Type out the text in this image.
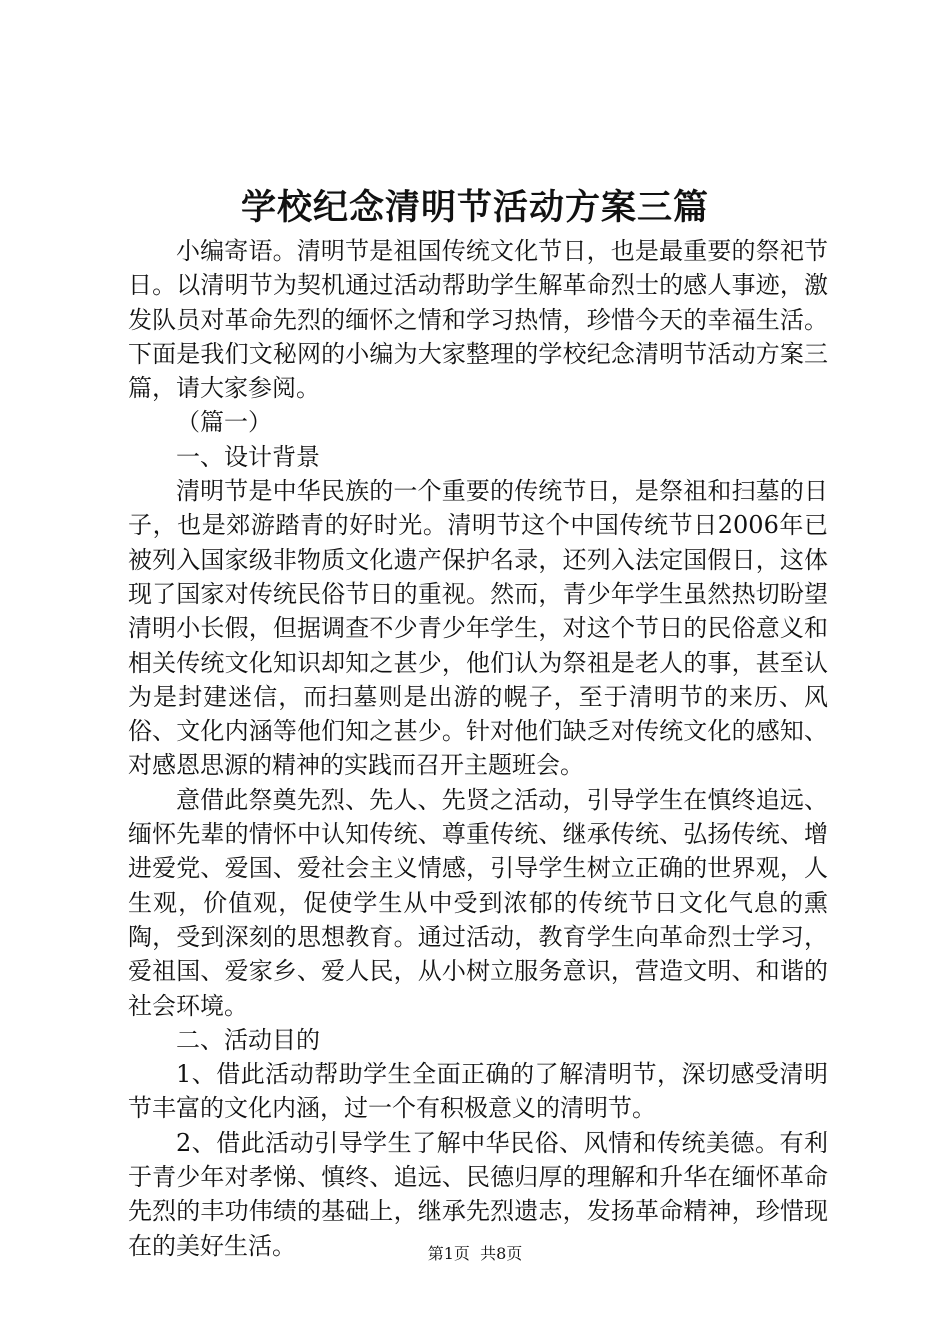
学校纪念清明节活动方案三篇

小编寄语。清明节是祖国传统文化节日，也是最重要的祭祀节日。以清明节为契机通过活动帮助学生解革命烈士的感人事迹，激发队员对革命先烈的缅怀之情和学习热情，珍惜今天的幸福生活。下面是我们文秘网的小编为大家整理的学校纪念清明节活动方案三篇，请大家参阅。

（篇一）

一、设计背景

清明节是中华民族的一个重要的传统节日，是祭祖和扫墓的日子，也是郊游踏青的好时光。清明节这个中国传统节日2006年已被列入国家级非物质文化遗产保护名录，还列入法定国假日，这体现了国家对传统民俗节日的重视。然而，青少年学生虽然热切盼望清明小长假，但据调查不少青少年学生，对这个节日的民俗意义和相关传统文化知识却知之甚少，他们认为祭祖是老人的事，甚至认为是封建迷信，而扫墓则是出游的幌子，至于清明节的来历、风俗、文化内涵等他们知之甚少。针对他们缺乏对传统文化的感知、对感恩思源的精神的实践而召开主题班会。

意借此祭奠先烈、先人、先贤之活动，引导学生在慎终追远、缅怀先辈的情怀中认知传统、尊重传统、继承传统、弘扬传统、增进爱党、爱国、爱社会主义情感，引导学生树立正确的世界观，人生观，价值观，促使学生从中受到浓郁的传统节日文化气息的熏陶，受到深刻的思想教育。通过活动，教育学生向革命烈士学习，爱祖国、爱家乡、爱人民，从小树立服务意识，营造文明、和谐的社会环境。

二、活动目的

1、借此活动帮助学生全面正确的了解清明节，深切感受清明节丰富的文化内涵，过一个有积极意义的清明节。

2、借此活动引导学生了解中华民俗、风情和传统美德。有利于青少年对孝悌、慎终、追远、民德归厚的理解和升华在缅怀革命先烈的丰功伟绩的基础上，继承先烈遗志，发扬革命精神，珍惜现在的美好生活。	第1页 共8页
